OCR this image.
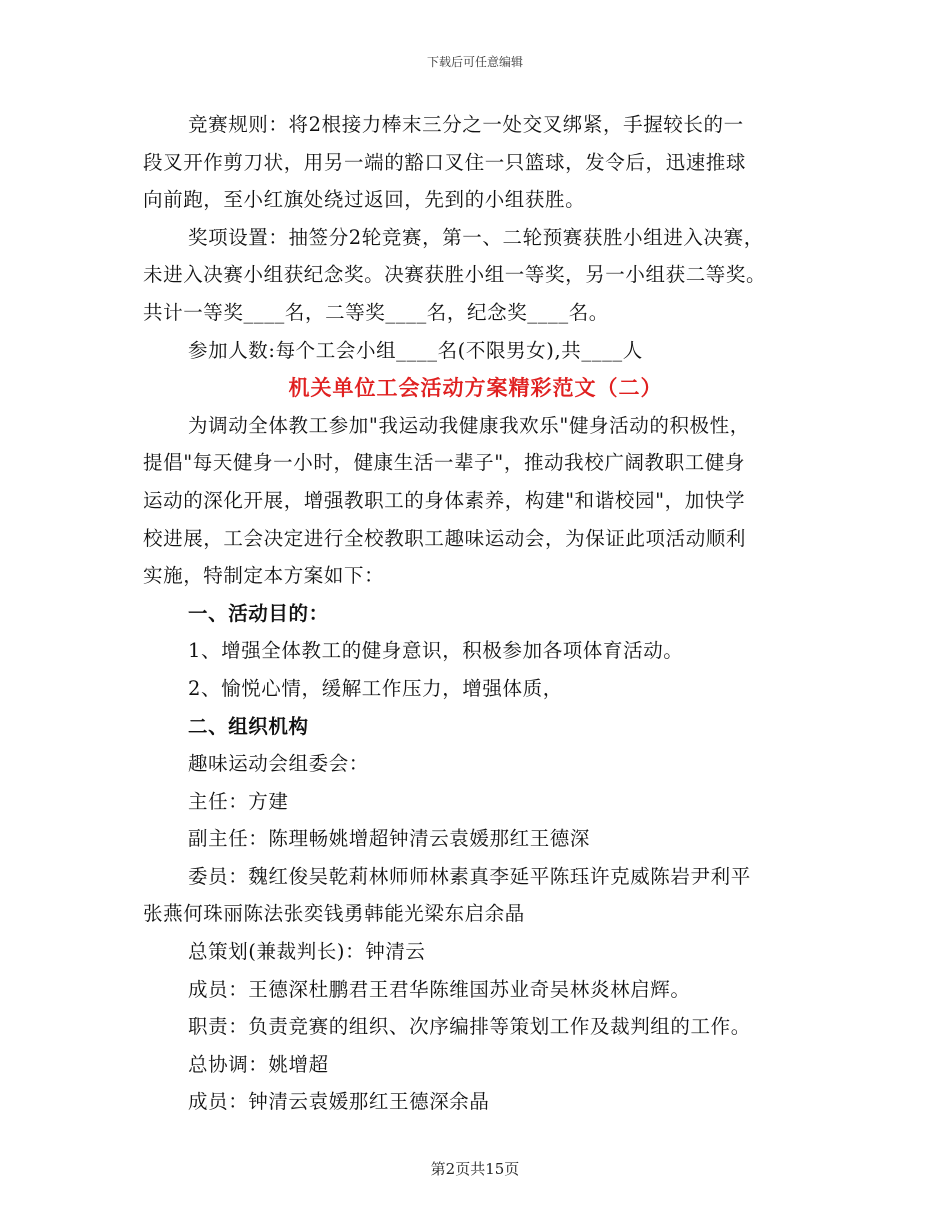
下载后可任意编辑
竞赛规则：将2根接力棒末三分之一处交叉绑紧，手握较长的一
段叉开作剪刀状，用另一端的豁口叉住一只篮球，发令后，迅速推球
向前跑，至小红旗处绕过返回，先到的小组获胜。
奖项设置：抽签分2轮竞赛，第一、二轮预赛获胜小组进入决赛，
未进入决赛小组获纪念奖。决赛获胜小组一等奖，另一小组获二等奖。
共计一等奖____名，二等奖____名，纪念奖____名。
参加人数:每个工会小组____名(不限男女),共____人
机关单位工会活动方案精彩范文（二）
为调动全体教工参加"我运动我健康我欢乐"健身活动的积极性，
提倡"每天健身一小时，健康生活一辈子"，推动我校广阔教职工健身
运动的深化开展，增强教职工的身体素养，构建"和谐校园"，加快学
校进展，工会决定进行全校教职工趣味运动会，为保证此项活动顺利
实施，特制定本方案如下：
一、活动目的：
1、增强全体教工的健身意识，积极参加各项体育活动。
2、愉悦心情，缓解工作压力，增强体质，
二、组织机构
趣味运动会组委会：
主任：方建
副主任：陈理畅姚增超钟清云袁媛那红王德深
委员：魏红俊吴乾莉林师师林素真李延平陈珏许克威陈岩尹利平
张燕何珠丽陈法张奕钱勇韩能光梁东启余晶
总策划(兼裁判长)：钟清云
成员：王德深杜鹏君王君华陈维国苏业奇吴林炎林启辉。
职责：负责竞赛的组织、次序编排等策划工作及裁判组的工作。
总协调：姚增超
成员：钟清云袁媛那红王德深余晶
第2页共15页
